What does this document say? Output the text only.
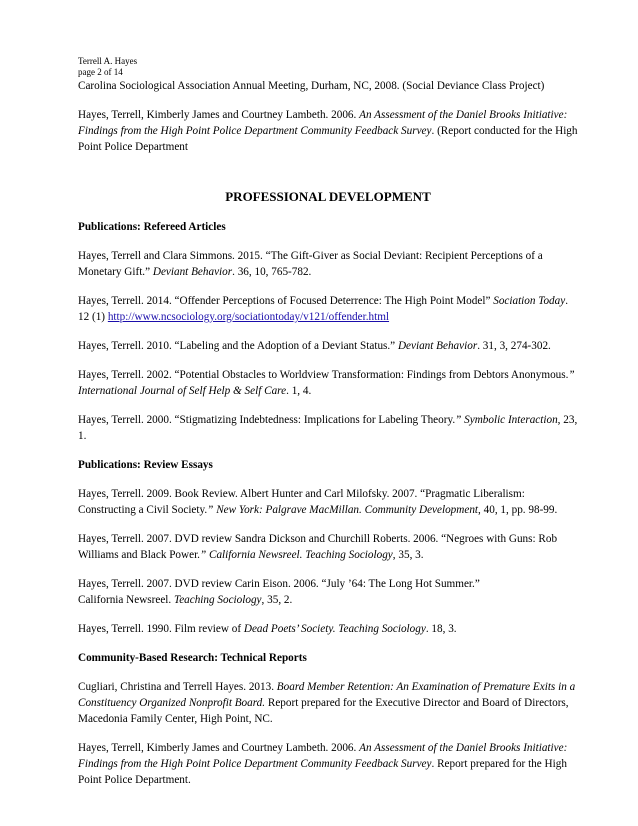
Terrell A. Hayes
page 2 of 14

Carolina Sociological Association Annual Meeting, Durham, NC, 2008. (Social Deviance Class Project)

Hayes, Terrell, Kimberly James and Courtney Lambeth. 2006. An Assessment of the Daniel Brooks Initiative: Findings from the High Point Police Department Community Feedback Survey. (Report conducted for the High Point Police Department

PROFESSIONAL DEVELOPMENT

Publications: Refereed Articles

Hayes, Terrell and Clara Simmons. 2015. “The Gift-Giver as Social Deviant: Recipient Perceptions of a Monetary Gift.” Deviant Behavior. 36, 10, 765-782.

Hayes, Terrell. 2014. “Offender Perceptions of Focused Deterrence: The High Point Model” Sociation Today. 12 (1) http://www.ncsociology.org/sociationtoday/v121/offender.html

Hayes, Terrell. 2010. “Labeling and the Adoption of a Deviant Status.” Deviant Behavior. 31, 3, 274-302.

Hayes, Terrell. 2002. “Potential Obstacles to Worldview Transformation: Findings from Debtors Anonymous.” International Journal of Self Help & Self Care. 1, 4.

Hayes, Terrell. 2000. “Stigmatizing Indebtedness: Implications for Labeling Theory.” Symbolic Interaction, 23, 1.

Publications: Review Essays

Hayes, Terrell. 2009. Book Review. Albert Hunter and Carl Milofsky. 2007. “Pragmatic Liberalism: Constructing a Civil Society.” New York: Palgrave MacMillan. Community Development, 40, 1, pp. 98-99.

Hayes, Terrell. 2007. DVD review Sandra Dickson and Churchill Roberts. 2006. “Negroes with Guns: Rob Williams and Black Power.” California Newsreel. Teaching Sociology, 35, 3.

Hayes, Terrell. 2007. DVD review Carin Eison. 2006. “July ’64: The Long Hot Summer.”
California Newsreel. Teaching Sociology, 35, 2.

Hayes, Terrell. 1990. Film review of Dead Poets’ Society. Teaching Sociology. 18, 3.

Community-Based Research: Technical Reports

Cugliari, Christina and Terrell Hayes. 2013. Board Member Retention: An Examination of Premature Exits in a Constituency Organized Nonprofit Board. Report prepared for the Executive Director and Board of Directors, Macedonia Family Center, High Point, NC.

Hayes, Terrell, Kimberly James and Courtney Lambeth. 2006. An Assessment of the Daniel Brooks Initiative: Findings from the High Point Police Department Community Feedback Survey. Report prepared for the High Point Police Department.
